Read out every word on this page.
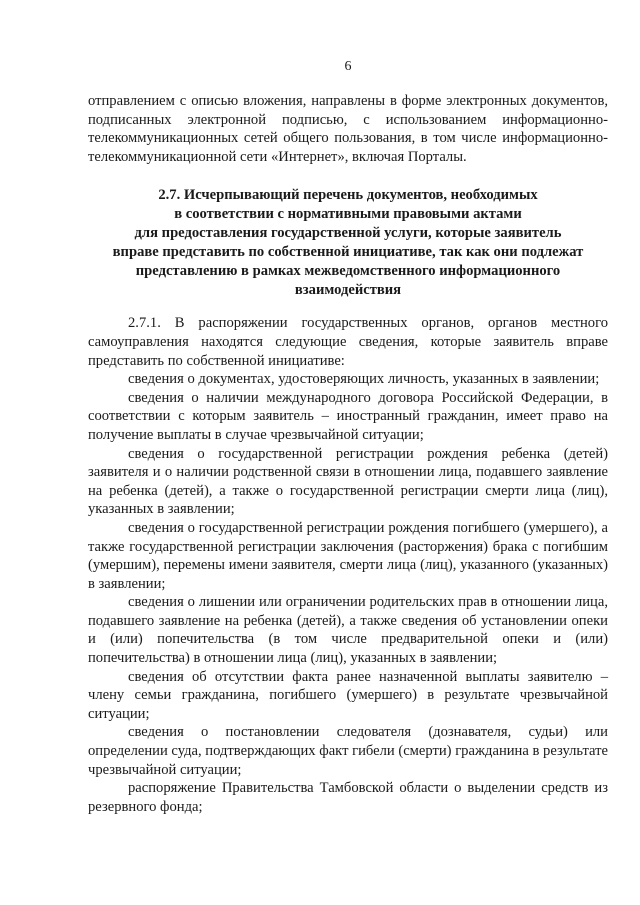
6

отправлением с описью вложения, направлены в форме электронных документов, подписанных электронной подписью, с использованием информационно-телекоммуникационных сетей общего пользования, в том числе информационно-телекоммуникационной сети «Интернет», включая Порталы.

2.7. Исчерпывающий перечень документов, необходимых
в соответствии с нормативными правовыми актами
для предоставления государственной услуги, которые заявитель
вправе представить по собственной инициативе, так как они подлежат
представлению в рамках межведомственного информационного
взаимодействия

2.7.1. В распоряжении государственных органов, органов местного самоуправления находятся следующие сведения, которые заявитель вправе представить по собственной инициативе:

сведения о документах, удостоверяющих личность, указанных в заявлении;

сведения о наличии международного договора Российской Федерации, в соответствии с которым заявитель – иностранный гражданин, имеет право на получение выплаты в случае чрезвычайной ситуации;

сведения о государственной регистрации рождения ребенка (детей) заявителя и о наличии родственной связи в отношении лица, подавшего заявление на ребенка (детей), а также о государственной регистрации смерти лица (лиц), указанных в заявлении;

сведения о государственной регистрации рождения погибшего (умершего), а также государственной регистрации заключения (расторжения) брака с погибшим (умершим), перемены имени заявителя, смерти лица (лиц), указанного (указанных) в заявлении;

сведения о лишении или ограничении родительских прав в отношении лица, подавшего заявление на ребенка (детей), а также сведения об установлении опеки и (или) попечительства (в том числе предварительной опеки и (или) попечительства) в отношении лица (лиц), указанных в заявлении;

сведения об отсутствии факта ранее назначенной выплаты заявителю – члену семьи гражданина, погибшего (умершего) в результате чрезвычайной ситуации;

сведения о постановлении следователя (дознавателя, судьи) или определении суда, подтверждающих факт гибели (смерти) гражданина в результате чрезвычайной ситуации;

распоряжение Правительства Тамбовской области о выделении средств из резервного фонда;
